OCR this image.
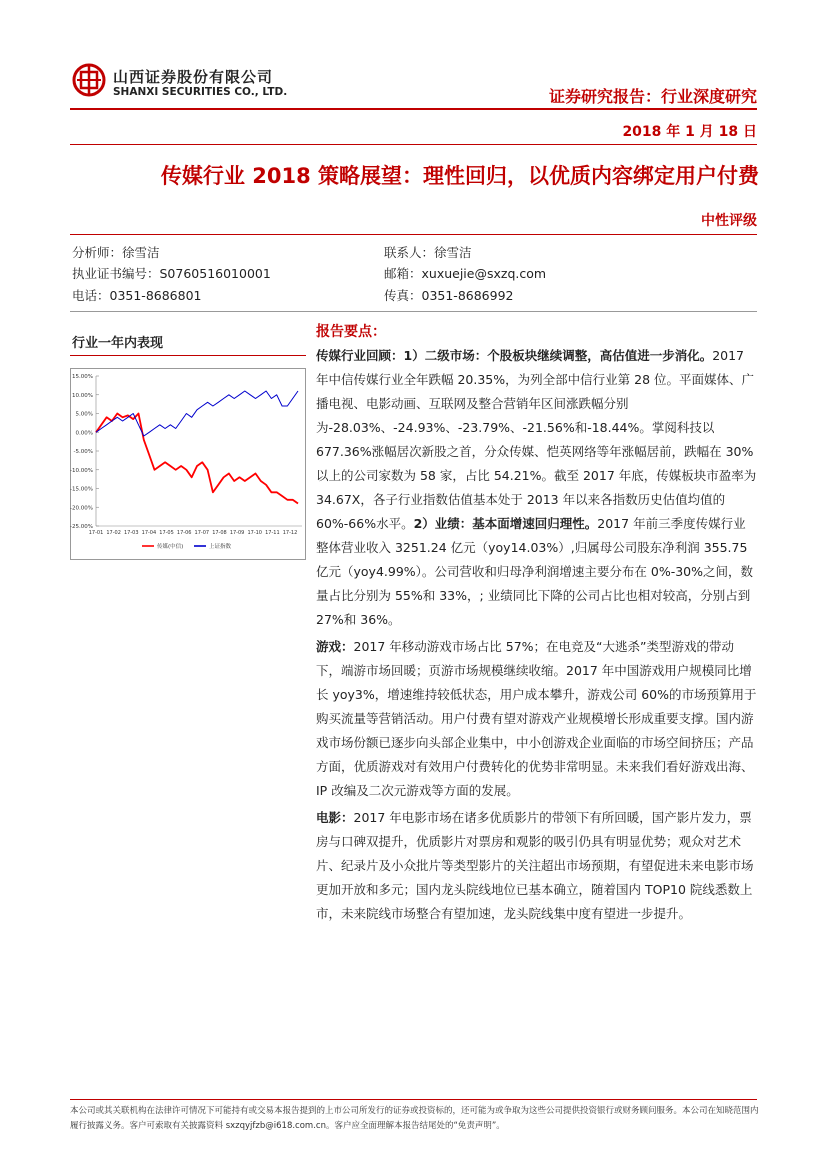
山西证券股份有限公司
SHANXI SECURITIES CO., LTD.	证券研究报告：行业深度研究
2018 年 1 月 18 日
传媒行业 2018 策略展望：理性回归，以优质内容绑定用户付费
中性评级
分析师：徐雪洁
执业证书编号：S0760516010001
电话：0351-8686801
联系人：徐雪洁
邮箱：xuxuejie@sxzq.com
传真：0351-8686992
行业一年内表现
15.00%
10.00%
5.00%
0.00%
-5.00%
-10.00%
-15.00%
-20.00%
-25.00%
17-01 17-02 17-03 17-04 17-05 17-06 17-07 17-08 17-09 17-10 17-11 17-12
传媒(中信)	上证指数
报告要点：

传媒行业回顾：1）二级市场：个股板块继续调整，高估值进一步消化。2017 年中信传媒行业全年跌幅 20.35%，为列全部中信行业第 28 位。平面媒体、广播电视、电影动画、互联网及整合营销年区间涨跌幅分别为-28.03%、-24.93%、-23.79%、-21.56%和-18.44%。掌阅科技以 677.36%涨幅居次新股之首，分众传媒、恺英网络等年涨幅居前，跌幅在 30%以上的公司家数为 58 家，占比 54.21%。截至 2017 年底，传媒板块市盈率为 34.67X，各子行业指数估值基本处于 2013 年以来各指数历史估值均值的 60%-66%水平。2）业绩：基本面增速回归理性。2017 年前三季度传媒行业整体营业收入 3251.24 亿元（yoy14.03%）,归属母公司股东净利润 355.75 亿元（yoy4.99%）。公司营收和归母净利润增速主要分布在 0%-30%之间，数量占比分别为 55%和 33%，; 业绩同比下降的公司占比也相对较高，分别占到 27%和 36%。

游戏：2017 年移动游戏市场占比 57%；在电竞及“大逃杀”类型游戏的带动下，端游市场回暖；页游市场规模继续收缩。2017 年中国游戏用户规模同比增长 yoy3%，增速维持较低状态，用户成本攀升，游戏公司 60%的市场预算用于购买流量等营销活动。用户付费有望对游戏产业规模增长形成重要支撑。国内游戏市场份额已逐步向头部企业集中，中小创游戏企业面临的市场空间挤压；产品方面，优质游戏对有效用户付费转化的优势非常明显。未来我们看好游戏出海、IP 改编及二次元游戏等方面的发展。

电影：2017 年电影市场在诸多优质影片的带领下有所回暖，国产影片发力，票房与口碑双提升，优质影片对票房和观影的吸引仍具有明显优势；观众对艺术片、纪录片及小众批片等类型影片的关注超出市场预期，有望促进未来电影市场更加开放和多元；国内龙头院线地位已基本确立，随着国内 TOP10 院线悉数上市，未来院线市场整合有望加速，龙头院线集中度有望进一步提升。

本公司或其关联机构在法律许可情况下可能持有或交易本报告提到的上市公司所发行的证券或投资标的，还可能为或争取为这些公司提供投资银行或财务顾问服务。本公司在知晓范围内履行披露义务。客户可索取有关披露资料 sxzqyjfzb@i618.com.cn。客户应全面理解本报告结尾处的“免责声明”。
